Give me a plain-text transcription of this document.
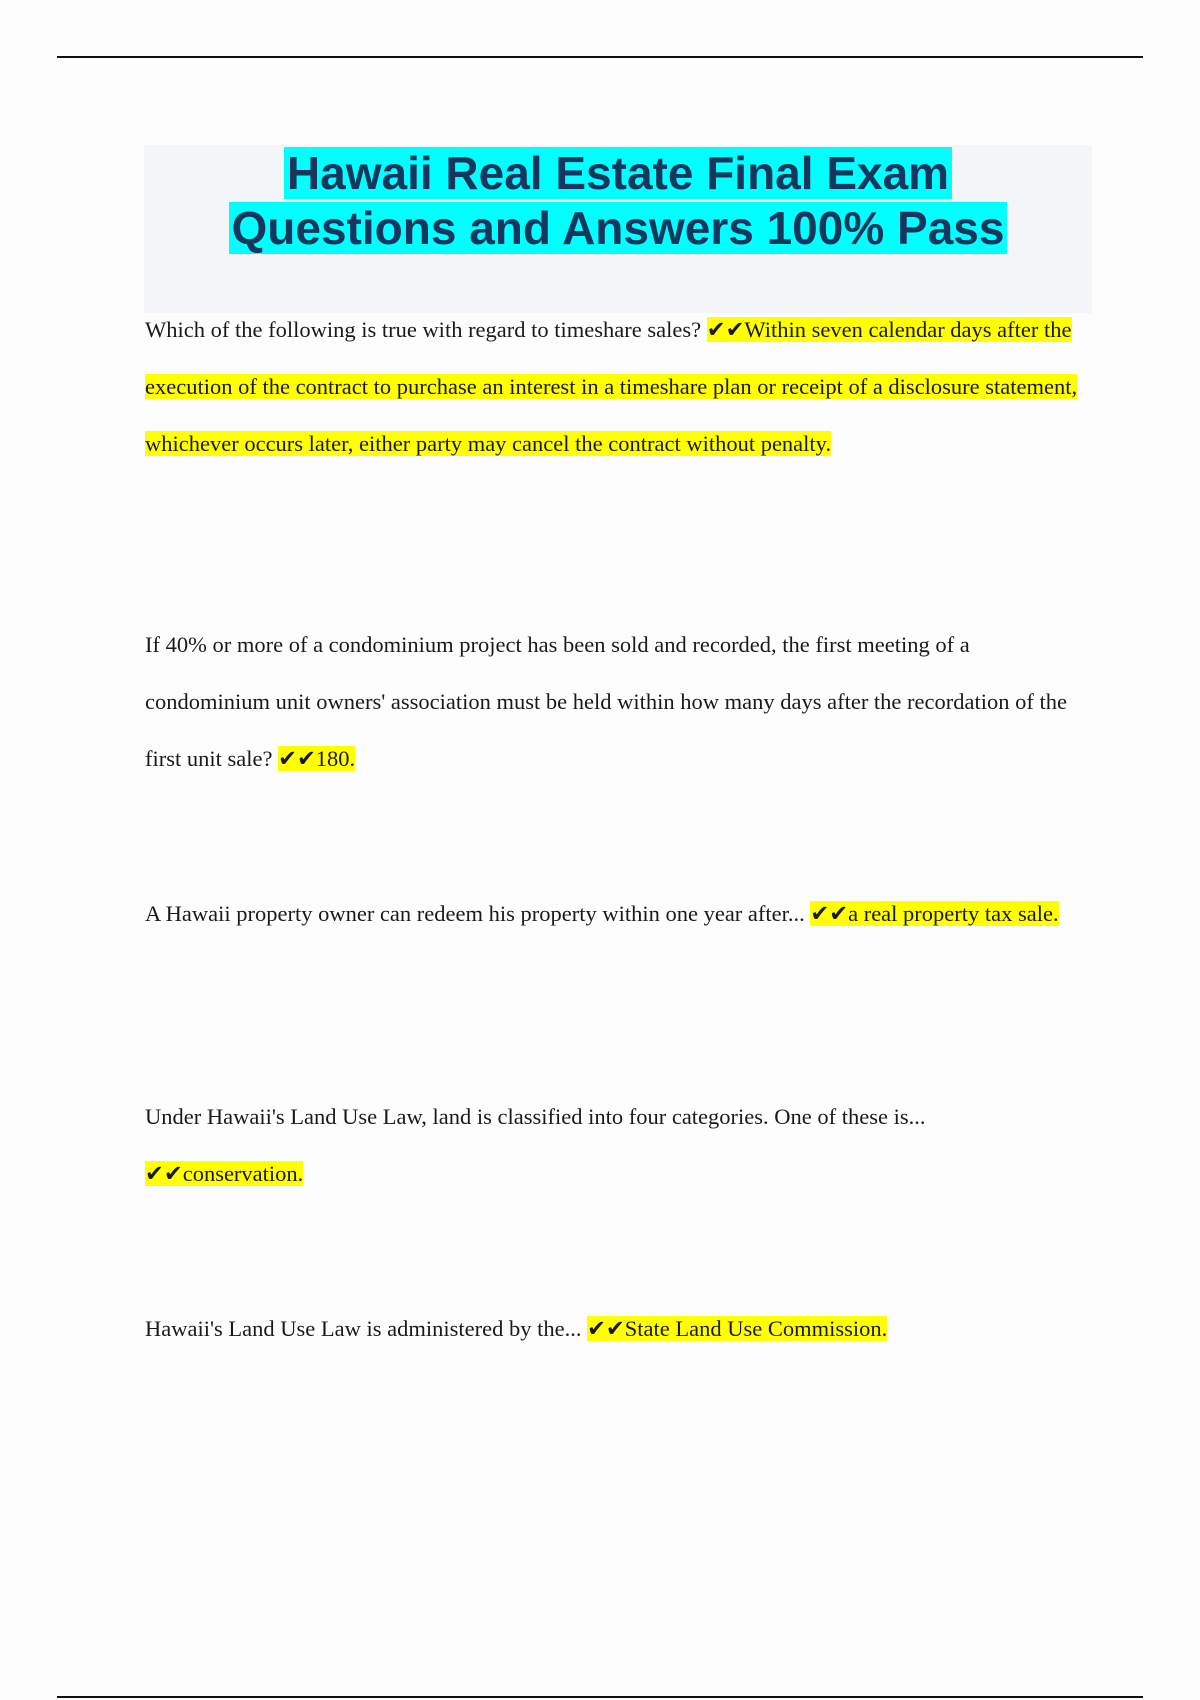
Hawaii Real Estate Final Exam
Questions and Answers 100% Pass

Which of the following is true with regard to timeshare sales? ✔✔Within seven calendar days after the execution of the contract to purchase an interest in a timeshare plan or receipt of a disclosure statement, whichever occurs later, either party may cancel the contract without penalty.

If 40% or more of a condominium project has been sold and recorded, the first meeting of a condominium unit owners' association must be held within how many days after the recordation of the first unit sale? ✔✔180.

A Hawaii property owner can redeem his property within one year after... ✔✔a real property tax sale.

Under Hawaii's Land Use Law, land is classified into four categories. One of these is... ✔✔conservation.

Hawaii's Land Use Law is administered by the... ✔✔State Land Use Commission.
